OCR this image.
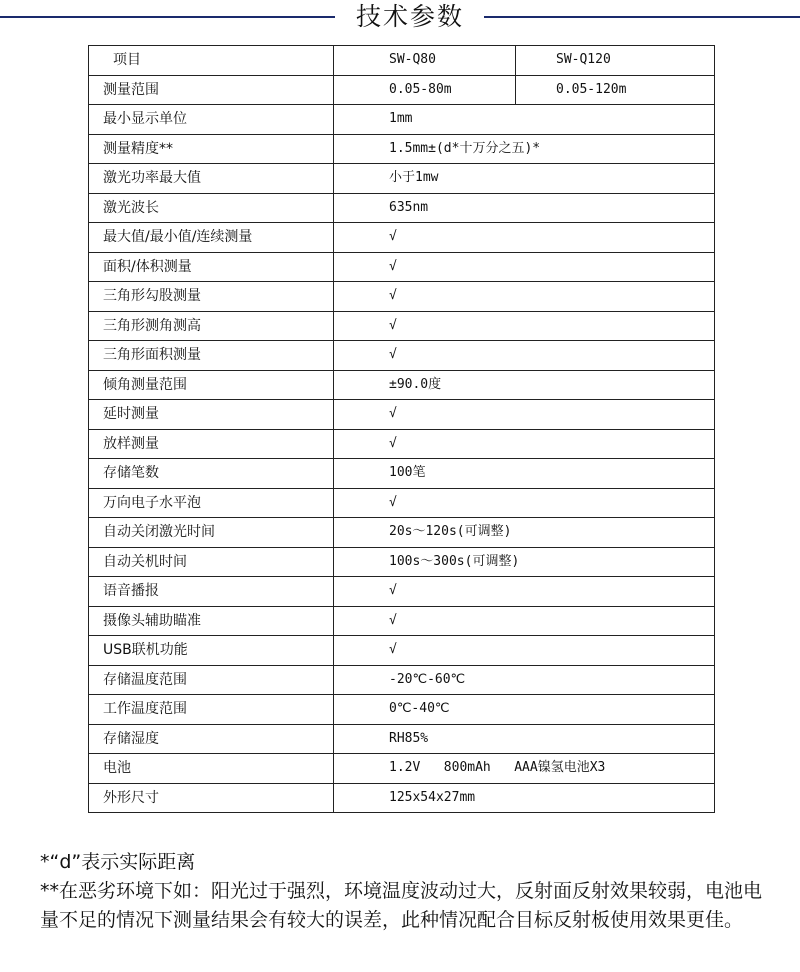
技术参数
项目	SW-Q80	SW-Q120
测量范围	0.05-80m	0.05-120m
最小显示单位	1mm	
测量精度**	1.5mm±(d*十万分之五)*	
激光功率最大值	小于1mw	
激光波长	635nm	
最大值/最小值/连续测量	√	
面积/体积测量	√	
三角形勾股测量	√	
三角形测角测高	√	
三角形面积测量	√	
倾角测量范围	±90.0度	
延时测量	√	
放样测量	√	
存储笔数	100笔	
万向电子水平泡	√	
自动关闭激光时间	20s～120s(可调整)	
自动关机时间	100s～300s(可调整)	
语音播报	√	
摄像头辅助瞄准	√	
USB联机功能	√	
存储温度范围	-20℃-60℃	
工作温度范围	0℃-40℃	
存储湿度	RH85%	
电池	1.2V   800mAh   AAA镍氢电池X3	
外形尺寸	125x54x27mm	

*“d”表示实际距离

**在恶劣环境下如：阳光过于强烈，环境温度波动过大，反射面反射效果较弱，电池电量不足的情况下测量结果会有较大的误差，此种情况配合目标反射板使用效果更佳。
